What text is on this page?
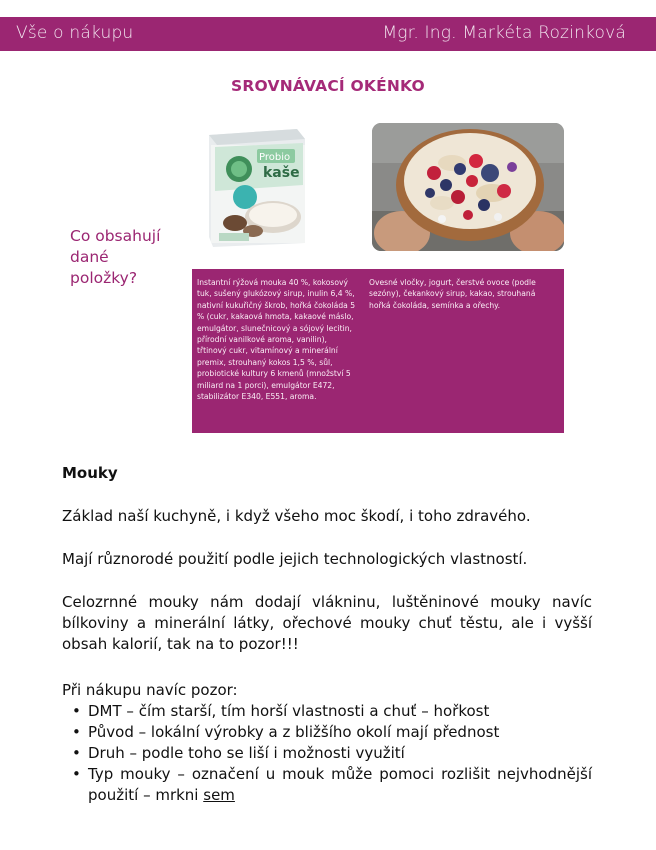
Vše o nákupu	Mgr. Ing. Markéta Rozinková
SROVNÁVACÍ OKÉNKO
Co obsahují dané položky?
Probio
kaše
Instantní rýžová mouka 40 %, kokosový tuk, sušený glukózový sirup, inulin 6,4 %, nativní kukuřičný škrob, hořká čokoláda 5 % (cukr, kakaová hmota, kakaové máslo, emulgátor, slunečnicový a sójový lecitin, přírodní vanilkové aroma, vanilin), třtinový cukr, vitamínový a minerální premix, strouhaný kokos 1,5 %, sůl, probiotické kultury 6 kmenů (množství 5 miliard na 1 porci), emulgátor E472, stabilizátor E340, E551, aroma.
Ovesné vločky, jogurt, čerstvé ovoce (podle sezóny), čekankový sirup, kakao, strouhaná hořká čokoláda, semínka a ořechy.
Mouky
Základ naší kuchyně, i když všeho moc škodí, i toho zdravého.
Mají různorodé použití podle jejich technologických vlastností.
Celozrnné mouky nám dodají vlákninu, luštěninové mouky navíc bílkoviny a minerální látky, ořechové mouky chuť těstu, ale i vyšší obsah kalorií, tak na to pozor!!!
Při nákupu navíc pozor:
• DMT – čím starší, tím horší vlastnosti a chuť – hořkost
• Původ – lokální výrobky a z bližšího okolí mají přednost
• Druh – podle toho se liší i možnosti využití
• Typ mouky – označení u mouk může pomoci rozlišit nejvhodnější použití – mrkni sem
